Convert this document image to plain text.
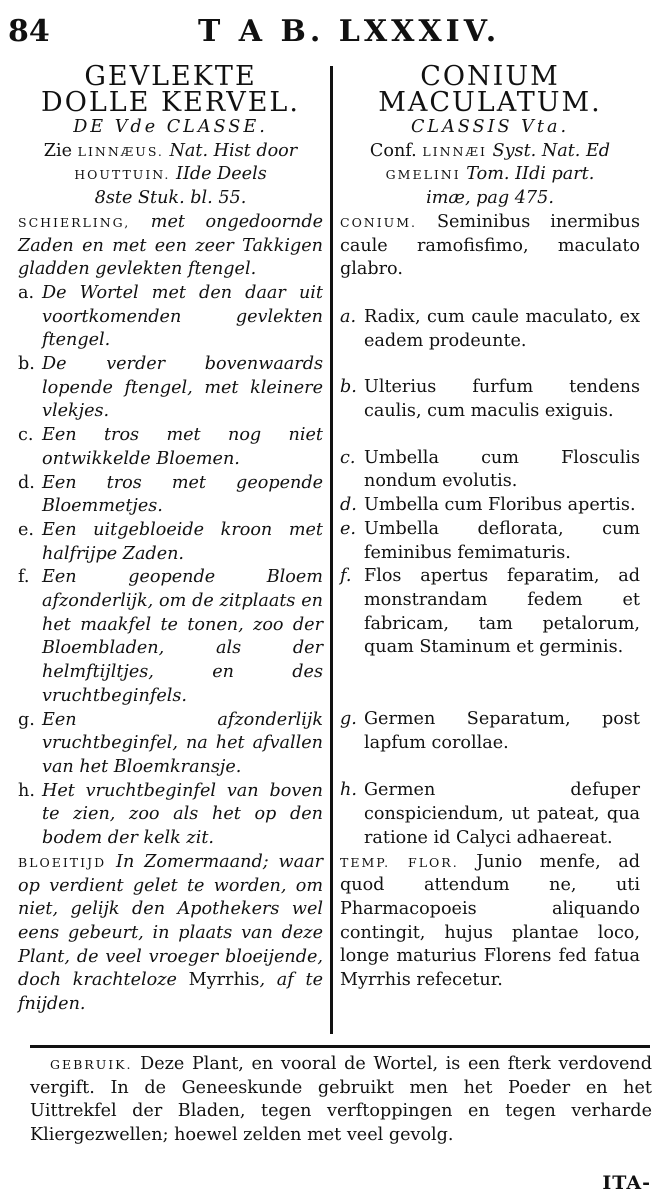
84	T A B. LXXXIV.
GEVLEKTE
DOLLE KERVEL.
DE Vde CLASSE.
Zie LINNÆUS. Nat. Hist door
HOUTTUIN. IIde Deels
8ste Stuk. bl. 55.
SCHIERLING, met ongedoornde Zaden en met een zeer Takkigen gladden gevlekten ftengel.
a. De Wortel met den daar uit voortkomenden gevlekten ftengel.
b. De verder bovenwaards lopende ftengel, met kleinere vlekjes.
c. Een tros met nog niet ontwikkelde Bloemen.
d. Een tros met geopende Bloemmetjes.
e. Een uitgebloeide kroon met halfrijpe Zaden.
f. Een geopende Bloem afzonderlijk, om de zitplaats en het maakfel te tonen, zoo der Bloembladen, als der helmftijltjes, en des vruchtbeginfels.
g. Een afzonderlijk vruchtbeginfel, na het afvallen van het Bloemkransje.
h. Het vruchtbeginfel van boven te zien, zoo als het op den bodem der kelk zit.
BLOEITIJD In Zomermaand; waar op verdient gelet te worden, om niet, gelijk den Apothekers wel eens gebeurt, in plaats van deze Plant, de veel vroeger bloeijende, doch krachteloze Myrrhis, af te fnijden.
CONIUM
MACULATUM.
CLASSIS Vta.
Conf. LINNÆI Syst. Nat. Ed
GMELINI Tom. IIdi part.
imæ, pag 475.
CONIUM. Seminibus inermibus caule ramofisfimo, maculato glabro.
a. Radix, cum caule maculato, ex eadem prodeunte.
b. Ulterius furfum tendens caulis, cum maculis exiguis.
c. Umbella cum Flosculis nondum evolutis.
d. Umbella cum Floribus apertis.
e. Umbella deflorata, cum feminibus femimaturis.
f. Flos apertus feparatim, ad monstrandam fedem et fabricam, tam petalorum, quam Staminum et germinis.
g. Germen Separatum, post lapfum corollae.
h. Germen defuper conspiciendum, ut pateat, qua ratione id Calyci adhaereat.
TEMP. FLOR. Junio menfe, ad quod attendum ne, uti Pharmacopoeis aliquando contingit, hujus plantae loco, longe maturius Florens fed fatua Myrrhis refecetur.
GEBRUIK. Deze Plant, en vooral de Wortel, is een fterk verdovend vergift. In de Geneeskunde gebruikt men het Poeder en het Uittrekfel der Bladen, tegen verftoppingen en tegen verharde Kliergezwellen; hoewel zelden met veel gevolg.
ITA-
